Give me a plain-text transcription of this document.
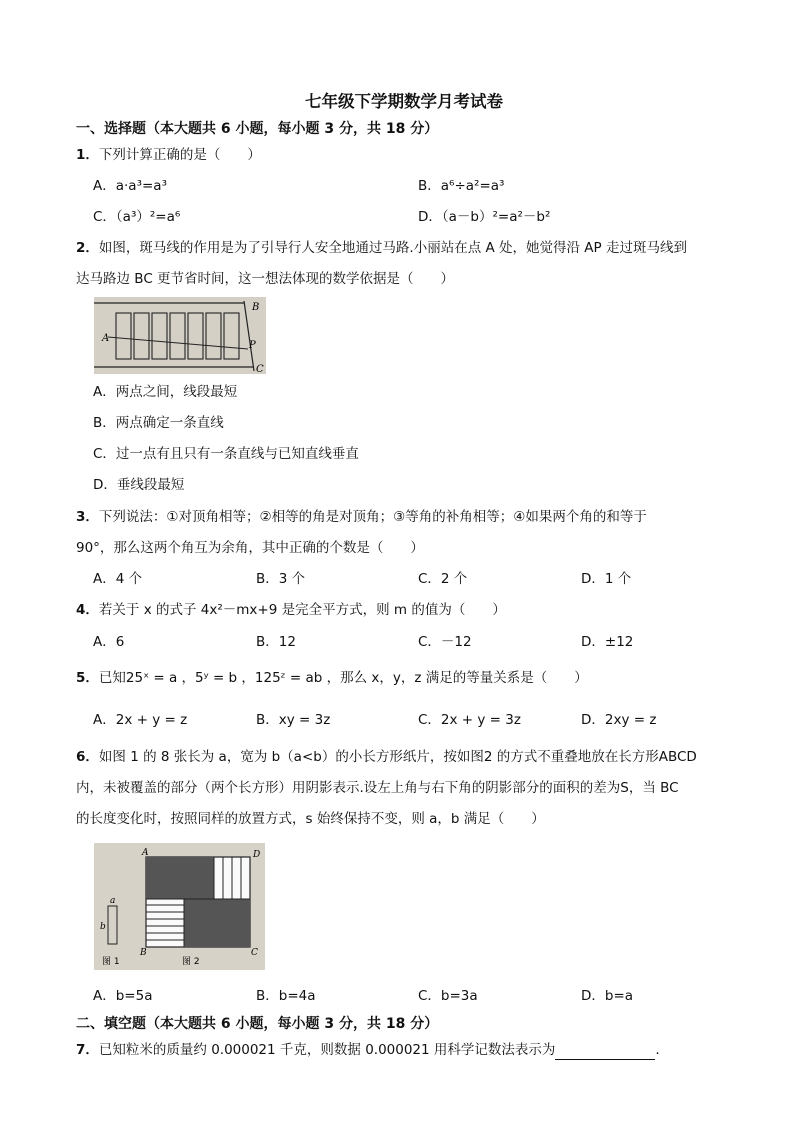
七年级下学期数学月考试卷
一、选择题（本大题共 6 小题，每小题 3 分，共 18 分）
1．下列计算正确的是（　　）
A．a·a³=a³	B．a⁶÷a²=a³
C．（a³）²=a⁶	D．（a－b）²=a²－b²
2．如图，斑马线的作用是为了引导行人安全地通过马路.小丽站在点 A 处，她觉得沿 AP 走过斑马线到
达马路边 BC 更节省时间，这一想法体现的数学依据是（　　）
A
B
P
C
A．两点之间，线段最短
B．两点确定一条直线
C．过一点有且只有一条直线与已知直线垂直
D．垂线段最短
3．下列说法：①对顶角相等；②相等的角是对顶角；③等角的补角相等；④如果两个角的和等于
90°，那么这两个角互为余角，其中正确的个数是（　　）
A．4 个	B．3 个	C．2 个	D．1 个
4．若关于 x 的式子 4x²－mx+9 是完全平方式，则 m 的值为（　　）
A．6	B．12	C．－12	D．±12
5．已知25ˣ = a ，5ʸ = b ，125ᶻ = ab ，那么 x，y，z 满足的等量关系是（　　）
A．2x + y = z	B．xy = 3z	C．2x + y = 3z	D．2xy = z
6．如图 1 的 8 张长为 a，宽为 b（a<b）的小长方形纸片，按如图2 的方式不重叠地放在长方形ABCD
内，未被覆盖的部分（两个长方形）用阴影表示.设左上角与右下角的阴影部分的面积的差为S，当 BC
的长度变化时，按照同样的放置方式，s 始终保持不变，则 a，b 满足（　　）
a
b
A	D
B	C
图 1	图 2
A．b=5a	B．b=4a	C．b=3a	D．b=a
二、填空题（本大题共 6 小题，每小题 3 分，共 18 分）
7．已知粒米的质量约 0.000021 千克，则数据 0.000021 用科学记数法表示为	.
